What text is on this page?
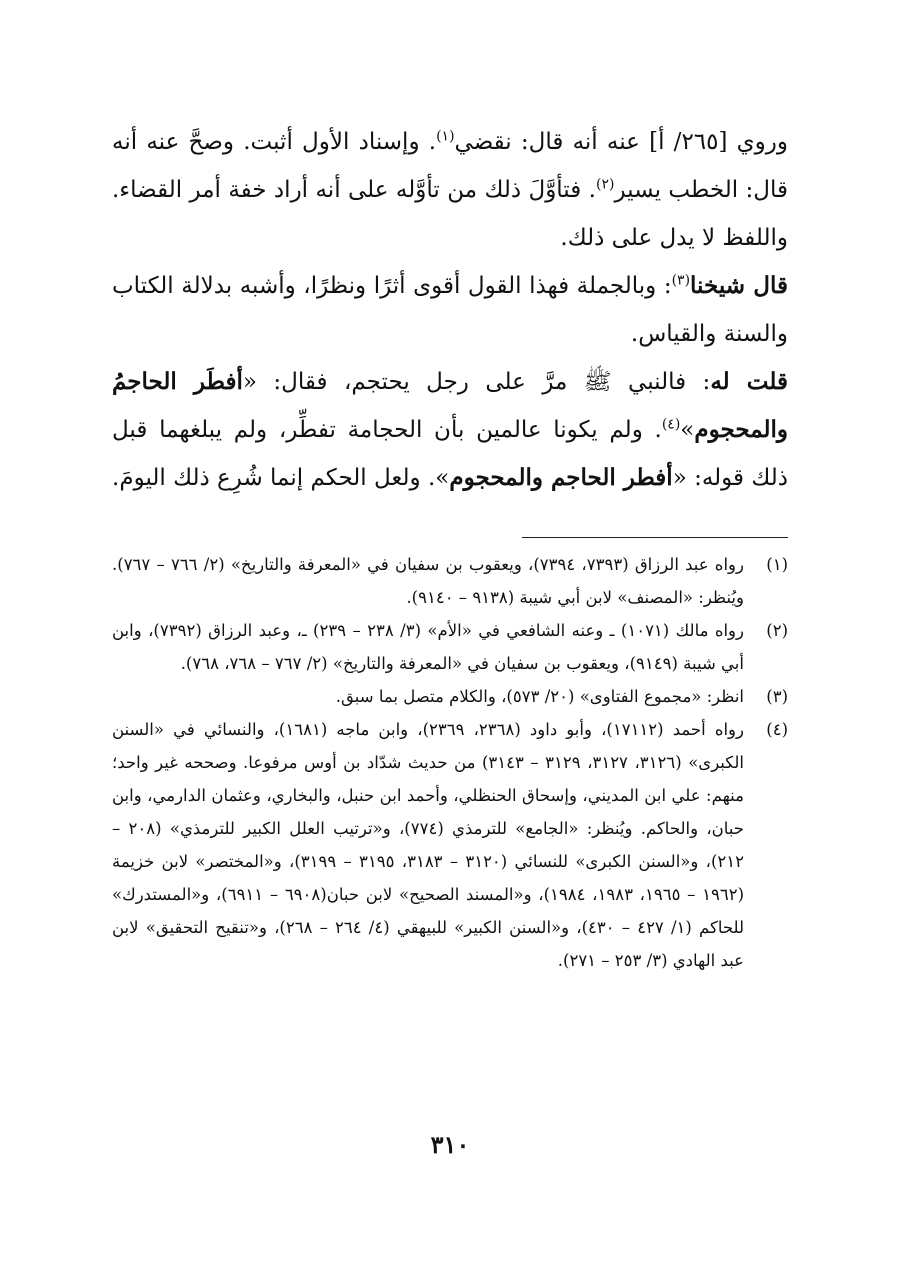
وروي [٢٦٥/ أ] عنه أنه قال: نقضي$^{(١)}$. وإسناد الأول أثبت. وصحَّ عنه أنه قال: الخطب يسير$^{(٢)}$. فتأوَّلَ ذلك من تأوَّله على أنه أراد خفة أمر القضاء. واللفظ لا يدل على ذلك.

قال شيخنا$^{(٣)}$: وبالجملة فهذا القول أقوى أثرًا ونظرًا، وأشبه بدلالة الكتاب والسنة والقياس.

قلت له: فالنبي ﷺ مرَّ على رجل يحتجم، فقال: «أفطَر الحاجمُ والمحجوم»$^{(٤)}$. ولم يكونا عالمين بأن الحجامة تفطِّر، ولم يبلغهما قبل ذلك قوله: «أفطر الحاجم والمحجوم». ولعل الحكم إنما شُرِع ذلك اليومَ.

(١)
رواه عبد الرزاق (٧٣٩٣، ٧٣٩٤)، ويعقوب بن سفيان في «المعرفة والتاريخ» (٢/ ٧٦٦ – ٧٦٧). ويُنظر: «المصنف» لابن أبي شيبة (٩١٣٨ – ٩١٤٠).
(٢)
رواه مالك (١٠٧١) ـ وعنه الشافعي في «الأم» (٣/ ٢٣٨ – ٢٣٩) ـ، وعبد الرزاق (٧٣٩٢)، وابن أبي شيبة (٩١٤٩)، ويعقوب بن سفيان في «المعرفة والتاريخ» (٢/ ٧٦٧ – ٧٦٨، ٧٦٨).
(٣)
انظر: «مجموع الفتاوى» (٢٠/ ٥٧٣)، والكلام متصل بما سبق.
(٤)
رواه أحمد (١٧١١٢)، وأبو داود (٢٣٦٨، ٢٣٦٩)، وابن ماجه (١٦٨١)، والنسائي في «السنن الكبرى» (٣١٢٦، ٣١٢٧، ٣١٢٩ – ٣١٤٣) من حديث شدّاد بن أوس مرفوعا. وصححه غير واحد؛ منهم: علي ابن المديني، وإسحاق الحنظلي، وأحمد ابن حنبل، والبخاري، وعثمان الدارمي، وابن حبان، والحاكم. ويُنظر: «الجامع» للترمذي (٧٧٤)، و«ترتيب العلل الكبير للترمذي» (٢٠٨ – ٢١٢)، و«السنن الكبرى» للنسائي (٣١٢٠ – ٣١٨٣، ٣١٩٥ – ٣١٩٩)، و«المختصر» لابن خزيمة (١٩٦٢ – ١٩٦٥، ١٩٨٣، ١٩٨٤)، و«المسند الصحيح» لابن حبان(٦٩٠٨ – ٦٩١١)، و«المستدرك» للحاكم (١/ ٤٢٧ – ٤٣٠)، و«السنن الكبير» للبيهقي (٤/ ٢٦٤ – ٢٦٨)، و«تنقيح التحقيق» لابن عبد الهادي (٣/ ٢٥٣ – ٢٧١).
٣١٠
